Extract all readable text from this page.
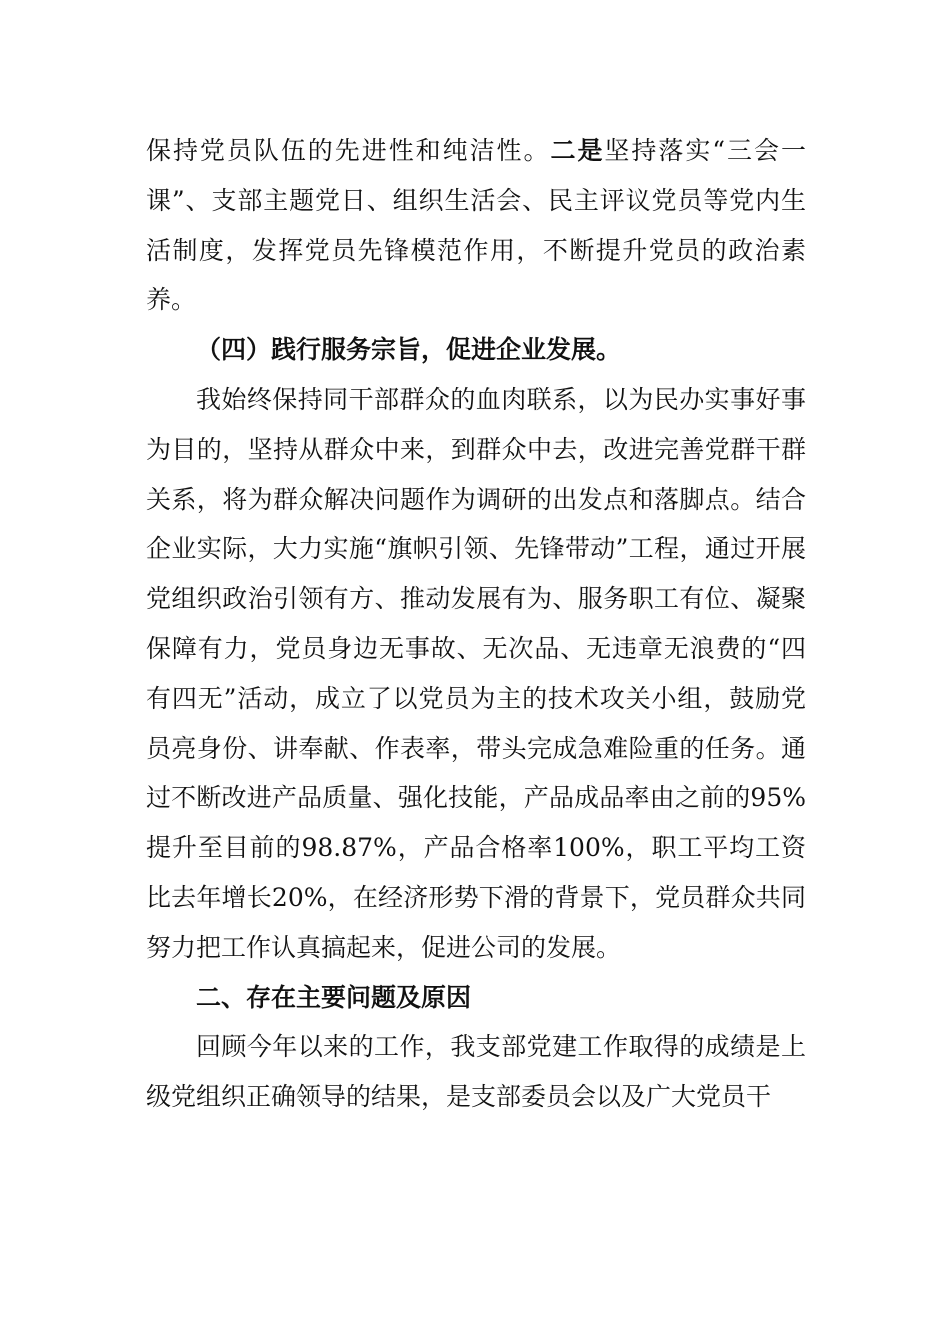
保持党员队伍的先进性和纯洁性。二是坚持落实“三会一课”、支部主题党日、组织生活会、民主评议党员等党内生活制度，发挥党员先锋模范作用，不断提升党员的政治素养。

（四）践行服务宗旨，促进企业发展。

我始终保持同干部群众的血肉联系，以为民办实事好事为目的，坚持从群众中来，到群众中去，改进完善党群干群关系，将为群众解决问题作为调研的出发点和落脚点。结合企业实际，大力实施“旗帜引领、先锋带动”工程，通过开展党组织政治引领有方、推动发展有为、服务职工有位、凝聚保障有力，党员身边无事故、无次品、无违章无浪费的“四有四无”活动，成立了以党员为主的技术攻关小组，鼓励党员亮身份、讲奉献、作表率，带头完成急难险重的任务。通过不断改进产品质量、强化技能，产品成品率由之前的95%提升至目前的98.87%，产品合格率100%，职工平均工资比去年增长20%，在经济形势下滑的背景下，党员群众共同努力把工作认真搞起来，促进公司的发展。

二、存在主要问题及原因

回顾今年以来的工作，我支部党建工作取得的成绩是上级党组织正确领导的结果，是支部委员会以及广大党员干
